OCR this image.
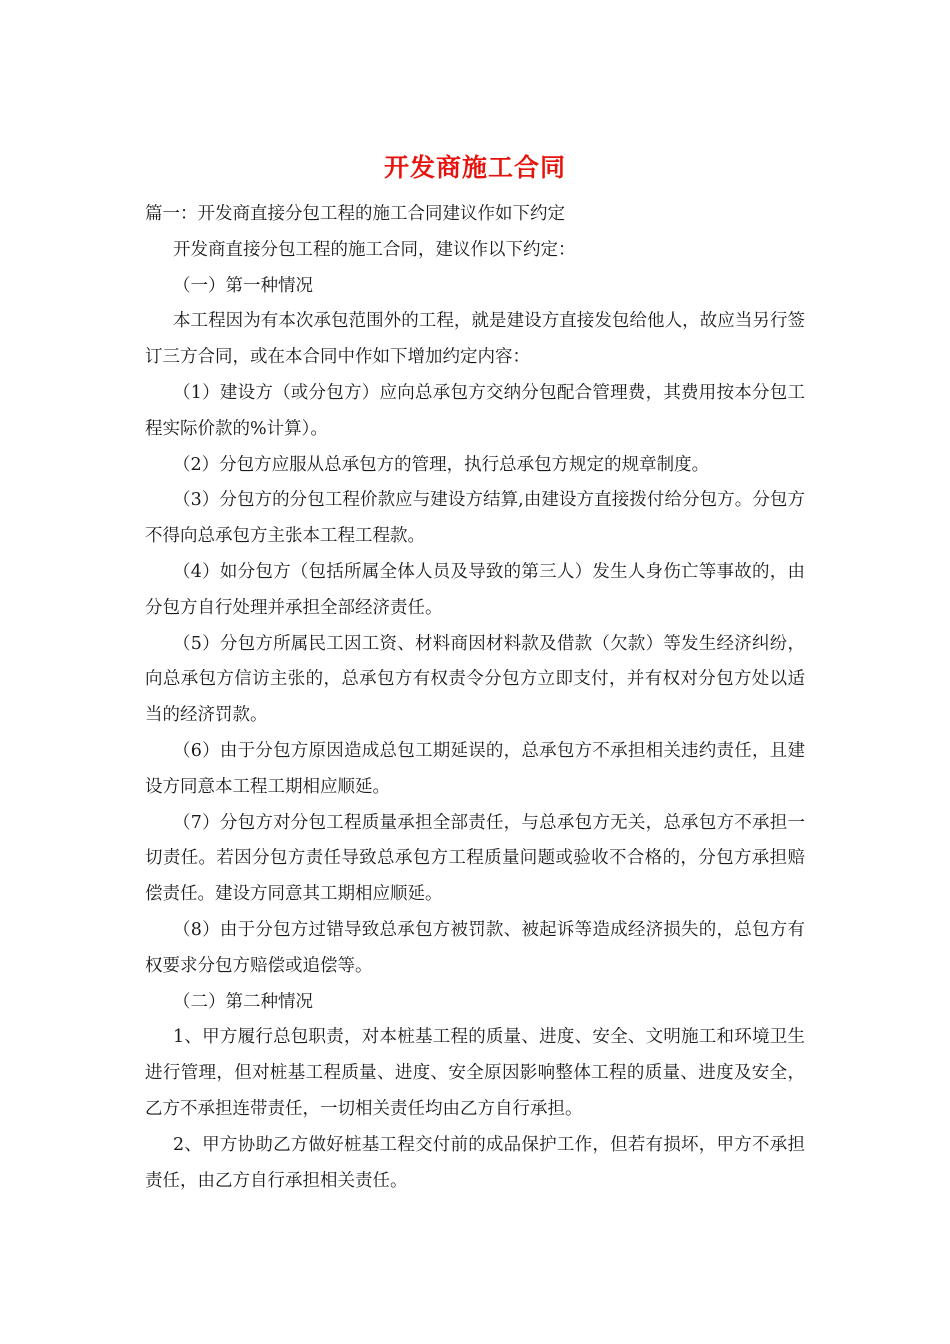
开发商施工合同

篇一：开发商直接分包工程的施工合同建议作如下约定

开发商直接分包工程的施工合同，建议作以下约定：

（一）第一种情况

本工程因为有本次承包范围外的工程，就是建设方直接发包给他人，故应当另行签订三方合同，或在本合同中作如下增加约定内容：

（1）建设方（或分包方）应向总承包方交纳分包配合管理费，其费用按本分包工程实际价款的%计算）。

（2）分包方应服从总承包方的管理，执行总承包方规定的规章制度。

（3）分包方的分包工程价款应与建设方结算,由建设方直接拨付给分包方。分包方不得向总承包方主张本工程工程款。

（4）如分包方（包括所属全体人员及导致的第三人）发生人身伤亡等事故的，由分包方自行处理并承担全部经济责任。

（5）分包方所属民工因工资、材料商因材料款及借款（欠款）等发生经济纠纷，向总承包方信访主张的，总承包方有权责令分包方立即支付，并有权对分包方处以适当的经济罚款。

（6）由于分包方原因造成总包工期延误的，总承包方不承担相关违约责任，且建设方同意本工程工期相应顺延。

（7）分包方对分包工程质量承担全部责任，与总承包方无关，总承包方不承担一切责任。若因分包方责任导致总承包方工程质量问题或验收不合格的，分包方承担赔偿责任。建设方同意其工期相应顺延。

（8）由于分包方过错导致总承包方被罚款、被起诉等造成经济损失的，总包方有权要求分包方赔偿或追偿等。

（二）第二种情况

1、甲方履行总包职责，对本桩基工程的质量、进度、安全、文明施工和环境卫生进行管理，但对桩基工程质量、进度、安全原因影响整体工程的质量、进度及安全，乙方不承担连带责任，一切相关责任均由乙方自行承担。

2、甲方协助乙方做好桩基工程交付前的成品保护工作，但若有损坏，甲方不承担责任，由乙方自行承担相关责任。
